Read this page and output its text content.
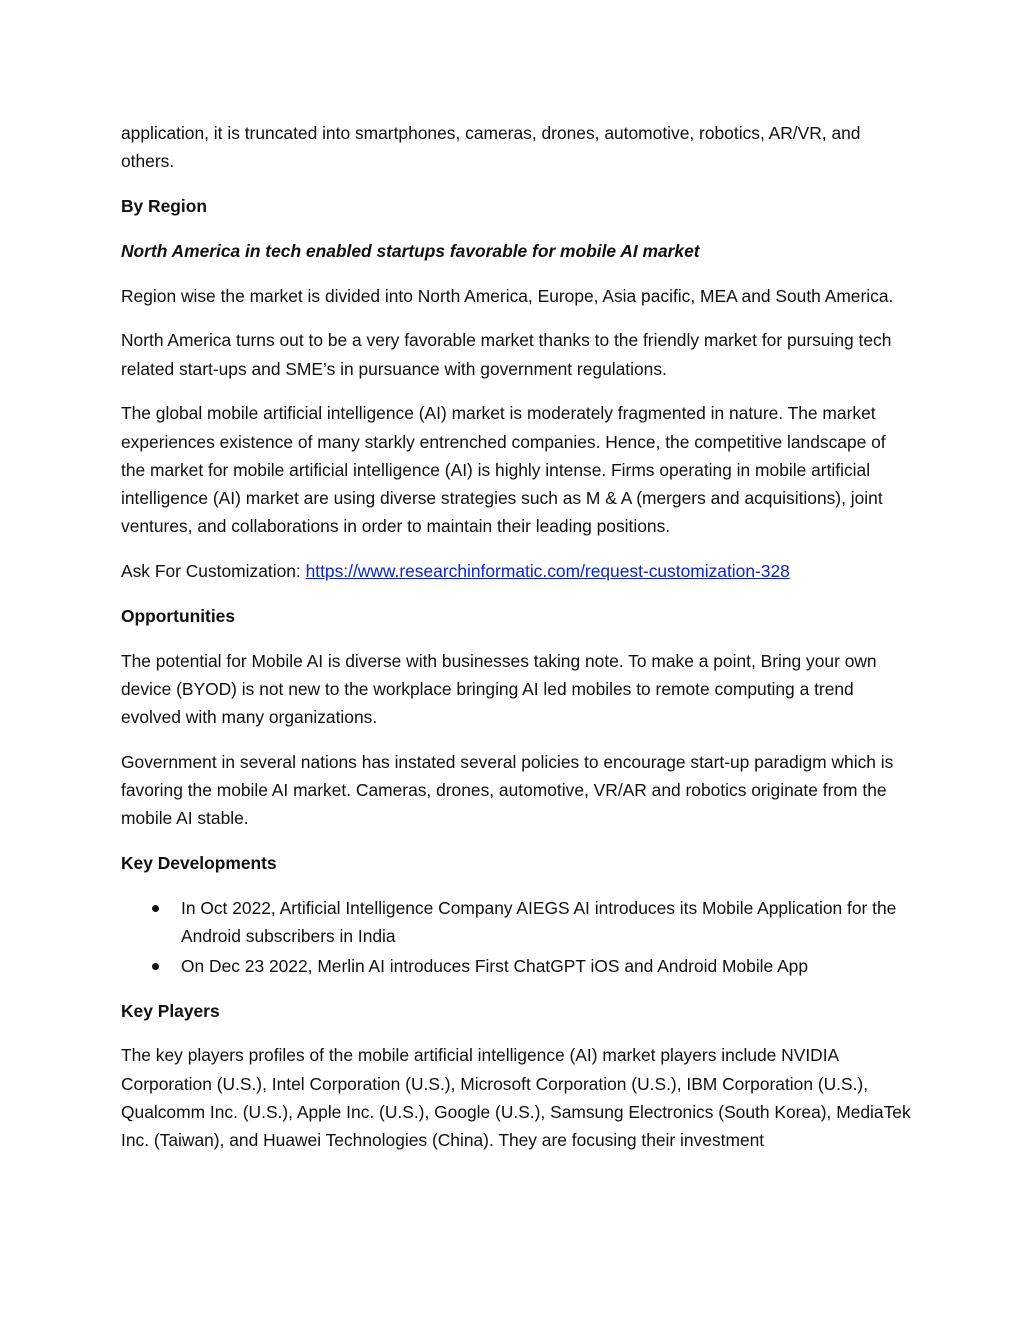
application, it is truncated into smartphones, cameras, drones, automotive, robotics, AR/VR, and others.

By Region

North America in tech enabled startups favorable for mobile AI market

Region wise the market is divided into North America, Europe, Asia pacific, MEA and South America.

North America turns out to be a very favorable market thanks to the friendly market for pursuing tech related start-ups and SME’s in pursuance with government regulations.

The global mobile artificial intelligence (AI) market is moderately fragmented in nature. The market experiences existence of many starkly entrenched companies. Hence, the competitive landscape of the market for mobile artificial intelligence (AI) is highly intense. Firms operating in mobile artificial intelligence (AI) market are using diverse strategies such as M & A (mergers and acquisitions), joint ventures, and collaborations in order to maintain their leading positions.

Ask For Customization: https://www.researchinformatic.com/request-customization-328

Opportunities

The potential for Mobile AI is diverse with businesses taking note. To make a point, Bring your own device (BYOD) is not new to the workplace bringing AI led mobiles to remote computing a trend evolved with many organizations.

Government in several nations has instated several policies to encourage start-up paradigm which is favoring the mobile AI market. Cameras, drones, automotive, VR/AR and robotics originate from the mobile AI stable.

Key Developments

In Oct 2022, Artificial Intelligence Company AIEGS AI introduces its Mobile Application for the Android subscribers in India
On Dec 23 2022, Merlin AI introduces First ChatGPT iOS and Android Mobile App

Key Players

The key players profiles of the mobile artificial intelligence (AI) market players include NVIDIA Corporation (U.S.), Intel Corporation (U.S.), Microsoft Corporation (U.S.), IBM Corporation (U.S.), Qualcomm Inc. (U.S.), Apple Inc. (U.S.), Google (U.S.), Samsung Electronics (South Korea), MediaTek Inc. (Taiwan), and Huawei Technologies (China). They are focusing their investment
